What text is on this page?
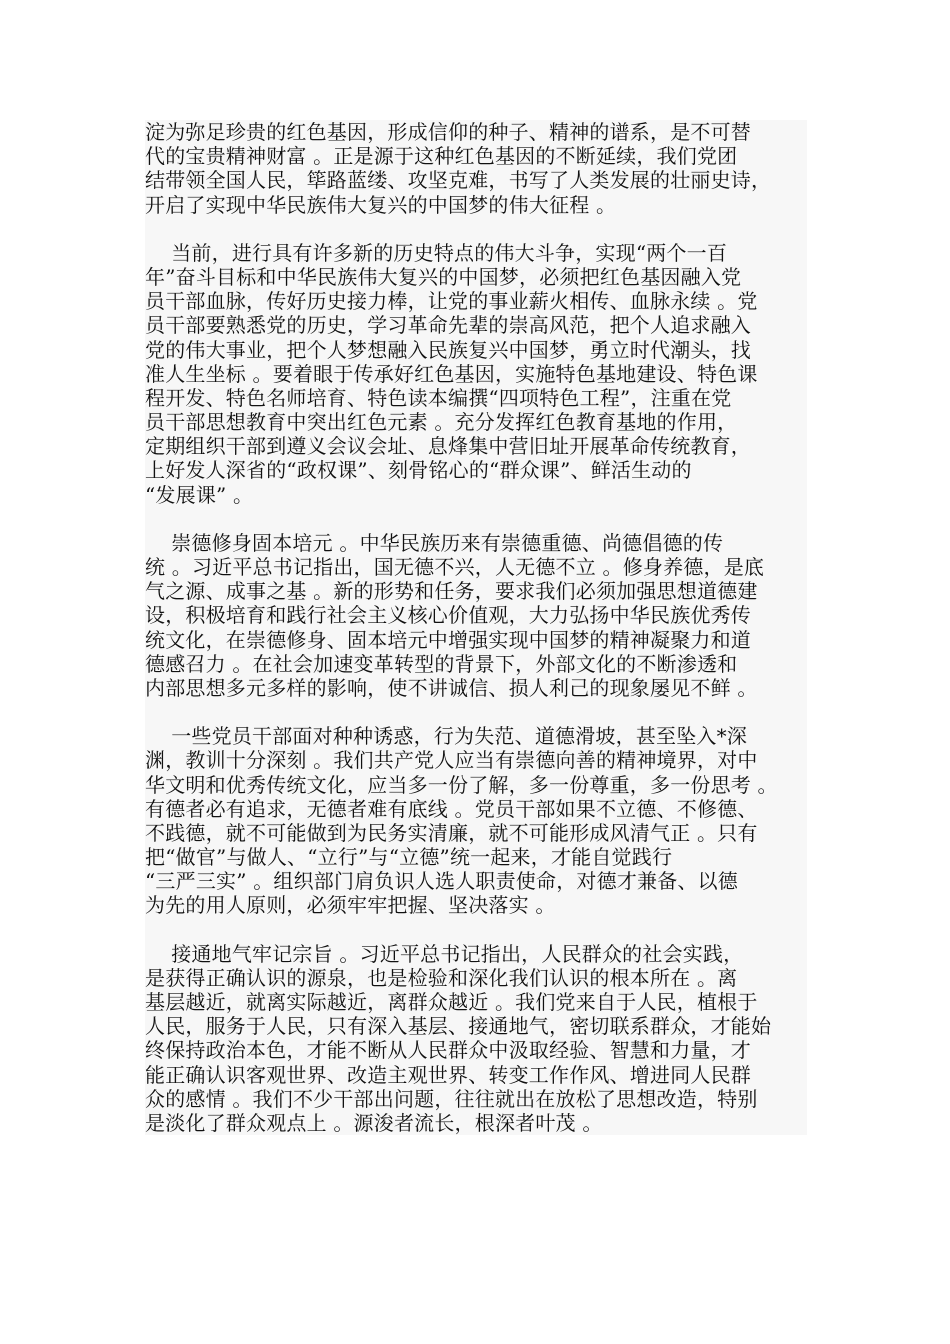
淀为弥足珍贵的红色基因，形成信仰的种子、精神的谱系，是不可替
代的宝贵精神财富 。正是源于这种红色基因的不断延续，我们党团
结带领全国人民，筚路蓝缕、攻坚克难，书写了人类发展的壮丽史诗，
开启了实现中华民族伟大复兴的中国梦的伟大征程 。
当前，进行具有许多新的历史特点的伟大斗争，实现“两个一百
年”奋斗目标和中华民族伟大复兴的中国梦，必须把红色基因融入党
员干部血脉，传好历史接力棒，让党的事业薪火相传、血脉永续 。党
员干部要熟悉党的历史，学习革命先辈的崇高风范，把个人追求融入
党的伟大事业，把个人梦想融入民族复兴中国梦，勇立时代潮头，找
准人生坐标 。要着眼于传承好红色基因，实施特色基地建设、特色课
程开发、特色名师培育、特色读本编撰“四项特色工程”，注重在党
员干部思想教育中突出红色元素 。充分发挥红色教育基地的作用，
定期组织干部到遵义会议会址、息烽集中营旧址开展革命传统教育，
上好发人深省的“政权课”、刻骨铭心的“群众课”、鲜活生动的
“发展课” 。
崇德修身固本培元 。中华民族历来有崇德重德、尚德倡德的传
统 。习近平总书记指出，国无德不兴，人无德不立 。修身养德，是底
气之源、成事之基 。新的形势和任务，要求我们必须加强思想道德建
设，积极培育和践行社会主义核心价值观，大力弘扬中华民族优秀传
统文化，在崇德修身、固本培元中增强实现中国梦的精神凝聚力和道
德感召力 。在社会加速变革转型的背景下，外部文化的不断渗透和
内部思想多元多样的影响，使不讲诚信、损人利己的现象屡见不鲜 。
一些党员干部面对种种诱惑，行为失范、道德滑坡，甚至坠入*深
渊，教训十分深刻 。我们共产党人应当有崇德向善的精神境界，对中
华文明和优秀传统文化，应当多一份了解，多一份尊重，多一份思考 。
有德者必有追求，无德者难有底线 。党员干部如果不立德、不修德、
不践德，就不可能做到为民务实清廉，就不可能形成风清气正 。只有
把“做官”与做人、“立行”与“立德”统一起来，才能自觉践行
“三严三实” 。组织部门肩负识人选人职责使命，对德才兼备、以德
为先的用人原则，必须牢牢把握、坚决落实 。
接通地气牢记宗旨 。习近平总书记指出，人民群众的社会实践，
是获得正确认识的源泉，也是检验和深化我们认识的根本所在 。离
基层越近，就离实际越近，离群众越近 。我们党来自于人民，植根于
人民，服务于人民，只有深入基层、接通地气，密切联系群众，才能始
终保持政治本色，才能不断从人民群众中汲取经验、智慧和力量，才
能正确认识客观世界、改造主观世界、转变工作作风、增进同人民群
众的感情 。我们不少干部出问题，往往就出在放松了思想改造，特别
是淡化了群众观点上 。源浚者流长，根深者叶茂 。
